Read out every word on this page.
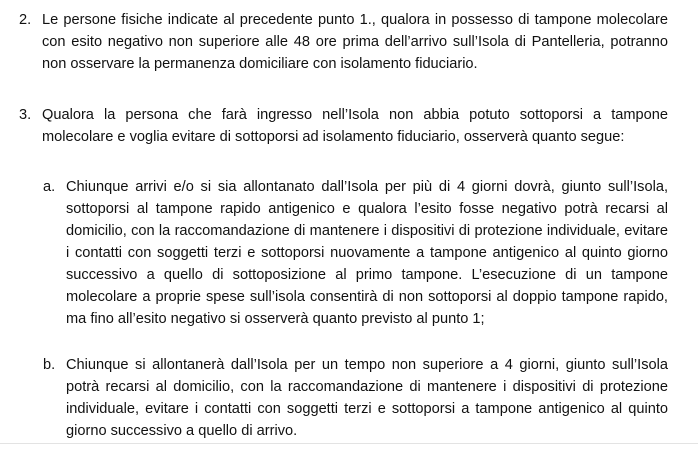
2. Le persone fisiche indicate al precedente punto 1., qualora in possesso di tampone molecolare con esito negativo non superiore alle 48 ore prima dell’arrivo sull’Isola di Pantelleria, potranno non osservare la permanenza domiciliare con isolamento fiduciario.
3. Qualora la persona che farà ingresso nell’Isola non abbia potuto sottoporsi a tampone molecolare e voglia evitare di sottoporsi ad isolamento fiduciario, osserverà quanto segue:
a. Chiunque arrivi e/o si sia allontanato dall’Isola per più di 4 giorni dovrà, giunto sull’Isola, sottoporsi al tampone rapido antigenico e qualora l’esito fosse negativo potrà recarsi al domicilio, con la raccomandazione di mantenere i dispositivi di protezione individuale, evitare i contatti con soggetti terzi e sottoporsi nuovamente a tampone antigenico al quinto giorno successivo a quello di sottoposizione al primo tampone. L’esecuzione di un tampone molecolare a proprie spese sull’isola consentirà di non sottoporsi al doppio tampone rapido, ma fino all’esito negativo si osserverà quanto previsto al punto 1;
b. Chiunque si allontanerà dall’Isola per un tempo non superiore a 4 giorni, giunto sull’Isola potrà recarsi al domicilio, con la raccomandazione di mantenere i dispositivi di protezione individuale, evitare i contatti con soggetti terzi e sottoporsi a tampone antigenico al quinto giorno successivo a quello di arrivo.
